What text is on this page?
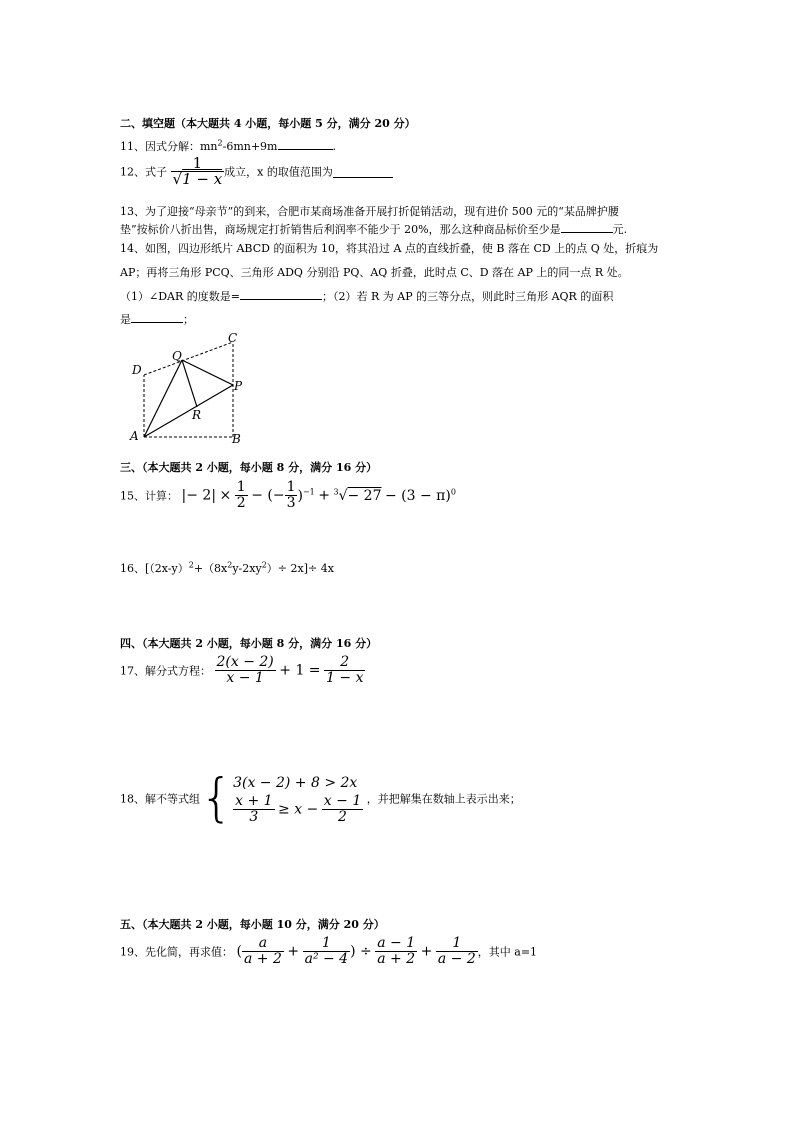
二、填空题（本大题共 4 小题，每小题 5 分，满分 20 分）
11、因式分解：$mn^2-6mn+9m$	.
12、式子 $\frac{1}{√1 - x}$ 成立，x 的取值范围为
13、为了迎接“母亲节”的到来，合肥市某商场准备开展打折促销活动，现有进价 500 元的“某品牌护腰
垫”按标价八折出售，商场规定打折销售后利润率不能少于 20%，那么这种商品标价至少是	元.
14、如图，四边形纸片 ABCD 的面积为 10，将其沿过 A 点的直线折叠，使 B 落在 CD 上的点 Q 处，折痕为
AP；再将三角形 PCQ、三角形 ADQ 分别沿 PQ、AQ 折叠，此时点 C、D 落在 AP 上的同一点 R 处。
（1）∠DAR 的度数是=	；（2）若 R 为 AP 的三等分点，则此时三角形 AQR 的面积
是	；
A	B
C
D
P
Q
R
三、（本大题共 2 小题，每小题 8 分，满分 16 分）
15、计算： |− $2| \times \frac{1}{2}$ − (− $\frac{1}{3} )^{-1} + ^3√- 27 - (3 - \pi)^0$
16、$[(2x-y)^2+(8x^2y-2xy^2)\div 2x]\div 4x$
四、（本大题共 2 小题，每小题 8 分，满分 16 分）
17、解分式方程： $\frac{2(x - 2)}{x - 1} + 1 = \frac{2}{1 - x}$
18、解不等式组{ 3(x − 2) + 8 > 2x
$\frac{x + 1}{3} \ge x - \frac{x - 1}{2}$ ，并把解集在数轴上表示出来；
五、（本大题共 2 小题，每小题 10 分，满分 20 分）
19、先化简，再求值： ( $\frac{a}{a + 2} + \frac{1}{\text{a² − 4}}$ ) ÷ $\frac{a - 1}{a + 2} + \frac{1}{a - 2}$ ，其中 a=1
